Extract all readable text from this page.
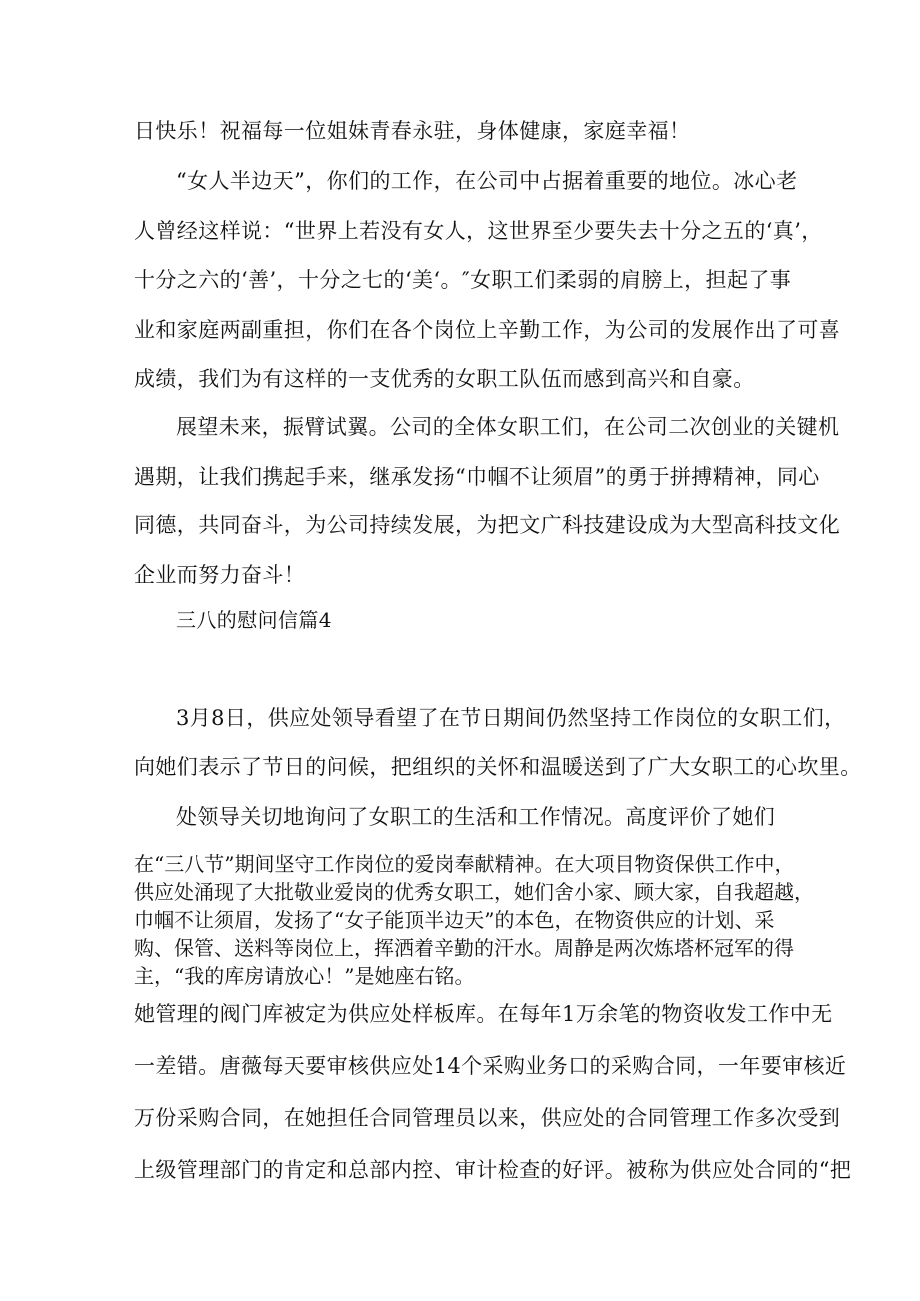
日快乐！祝福每一位姐妹青春永驻，身体健康，家庭幸福！
“女人半边天”，你们的工作，在公司中占据着重要的地位。冰心老
人曾经这样说：“世界上若没有女人，这世界至少要失去十分之五的‘真’，
十分之六的‘善’，十分之七的‘美‘。″女职工们柔弱的肩膀上，担起了事
业和家庭两副重担，你们在各个岗位上辛勤工作，为公司的发展作出了可喜
成绩，我们为有这样的一支优秀的女职工队伍而感到高兴和自豪。
展望未来，振臂试翼。公司的全体女职工们，在公司二次创业的关键机
遇期，让我们携起手来，继承发扬“巾帼不让须眉”的勇于拼搏精神，同心
同德，共同奋斗，为公司持续发展，为把文广科技建设成为大型高科技文化
企业而努力奋斗！
三八的慰问信篇4
3月8日，供应处领导看望了在节日期间仍然坚持工作岗位的女职工们，
向她们表示了节日的问候，把组织的关怀和温暖送到了广大女职工的心坎里。
处领导关切地询问了女职工的生活和工作情况。高度评价了她们
在“三八节”期间坚守工作岗位的爱岗奉献精神。在大项目物资保供工作中，
供应处涌现了大批敬业爱岗的优秀女职工，她们舍小家、顾大家，自我超越，
巾帼不让须眉，发扬了“女子能顶半边天”的本色，在物资供应的计划、采
购、保管、送料等岗位上，挥洒着辛勤的汗水。周静是两次炼塔杯冠军的得
主，“我的库房请放心！”是她座右铭。
她管理的阀门库被定为供应处样板库。在每年1万余笔的物资收发工作中无
一差错。唐薇每天要审核供应处14个采购业务口的采购合同，一年要审核近
万份采购合同，在她担任合同管理员以来，供应处的合同管理工作多次受到
上级管理部门的肯定和总部内控、审计检查的好评。被称为供应处合同的“把
